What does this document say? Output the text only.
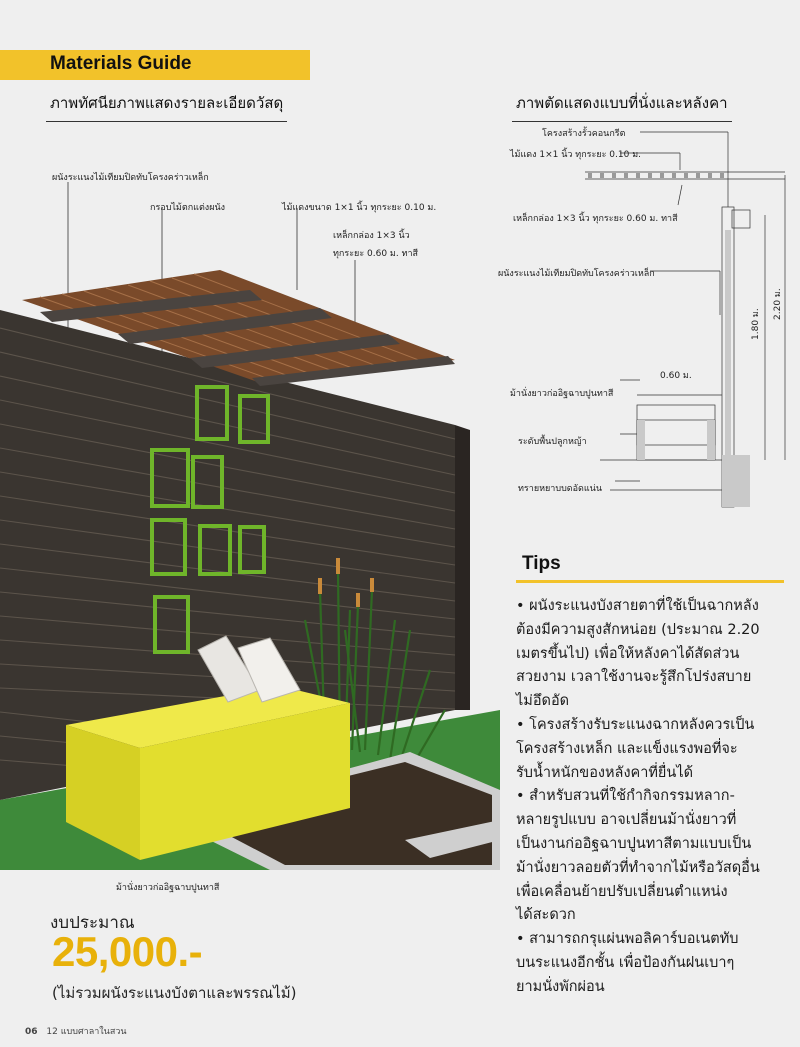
Materials Guide
ภาพทัศนียภาพแสดงรายละเอียดวัสดุ	ภาพตัดแสดงแบบที่นั่งและหลังคา
ผนังระแนงไม้เทียมปิดทับโครงคร่าวเหล็ก
กรอบไม้ตกแต่งผนัง	ไม้แดงขนาด 1×1 นิ้ว ทุกระยะ 0.10 ม.
เหล็กกล่อง 1×3 นิ้ว
ทุกระยะ 0.60 ม. ทาสี
ม้านั่งยาวก่ออิฐฉาบปูนทาสี
โครงสร้างรั้วคอนกรีต
ไม้แดง 1×1 นิ้ว ทุกระยะ 0.10 ม.
เหล็กกล่อง 1×3 นิ้ว ทุกระยะ 0.60 ม. ทาสี
ผนังระแนงไม้เทียมปิดทับโครงคร่าวเหล็ก
ม้านั่งยาวก่ออิฐฉาบปูนทาสี
ระดับพื้นปลูกหญ้า
ทรายหยาบบดอัดแน่น
0.60 ม.
1.80 ม.
2.20 ม.
Tips
• ผนังระแนงบังสายตาที่ใช้เป็นฉากหลัง
ต้องมีความสูงสักหน่อย (ประมาณ 2.20
เมตรขึ้นไป) เพื่อให้หลังคาได้สัดส่วน
สวยงาม เวลาใช้งานจะรู้สึกโปร่งสบาย
ไม่อึดอัด
• โครงสร้างรับระแนงฉากหลังควรเป็น
โครงสร้างเหล็ก และแข็งแรงพอที่จะ
รับน้ำหนักของหลังคาที่ยื่นได้
• สำหรับสวนที่ใช้กำกิจกรรมหลาก-
หลายรูปแบบ อาจเปลี่ยนม้านั่งยาวที่
เป็นงานก่ออิฐฉาบปูนทาสีตามแบบเป็น
ม้านั่งยาวลอยตัวที่ทำจากไม้หรือวัสดุอื่น
เพื่อเคลื่อนย้ายปรับเปลี่ยนตำแหน่ง
ได้สะดวก
• สามารถกรุแผ่นพอลิคาร์บอเนตทับ
บนระแนงอีกชั้น เพื่อป้องกันฝนเบาๆ
ยามนั่งพักผ่อน
งบประมาณ
25,000.-
(ไม่รวมผนังระแนงบังตาและพรรณไม้)
06 12 แบบศาลาในสวน
